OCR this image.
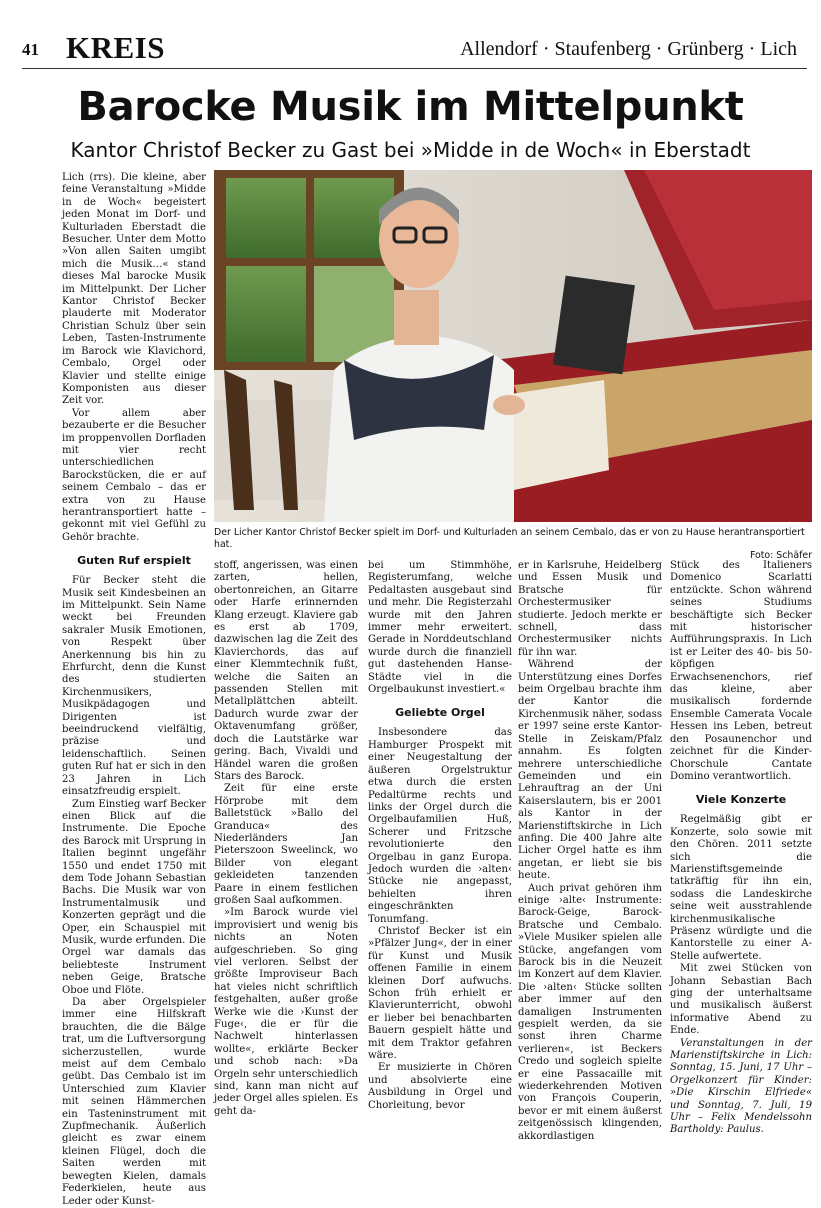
41 KREIS	Allendorf · Staufenberg · Grünberg · Lich
Barocke Musik im Mittelpunkt
Kantor Christof Becker zu Gast bei »Midde in de Woch« in Eberstadt

Lich (rrs). Die kleine, aber feine Veranstaltung »Midde in de Woch« begeistert jeden Monat im Dorf- und Kulturladen Eberstadt die Besucher. Unter dem Motto »Von allen Saiten umgibt mich die Musik…« stand dieses Mal barocke Musik im Mittelpunkt. Der Licher Kantor Christof Becker plauderte mit Moderator Christian Schulz über sein Leben, Tasten-Instrumente im Barock wie Klavichord, Cembalo, Orgel oder Klavier und stellte einige Komponisten aus dieser Zeit vor.

Vor allem aber bezauberte er die Besucher im proppenvollen Dorfladen mit vier recht unterschiedlichen Barockstücken, die er auf seinem Cembalo – das er extra von zu Hause herantransportiert hatte – gekonnt mit viel Gefühl zu Gehör brachte.

Guten Ruf erspielt

Für Becker steht die Musik seit Kindesbeinen an im Mittelpunkt. Sein Name weckt bei Freunden sakraler Musik Emotionen, von Respekt über Anerkennung bis hin zu Ehrfurcht, denn die Kunst des studierten Kirchenmusikers, Musikpädagogen und Dirigenten ist beeindruckend vielfältig, präzise und leidenschaftlich. Seinen guten Ruf hat er sich in den 23 Jahren in Lich einsatzfreudig erspielt.

Zum Einstieg warf Becker einen Blick auf die Instrumente. Die Epoche des Barock mit Ursprung in Italien beginnt ungefähr 1550 und endet 1750 mit dem Tode Johann Sebastian Bachs. Die Musik war von Instrumentalmusik und Konzerten geprägt und die Oper, ein Schauspiel mit Musik, wurde erfunden. Die Orgel war damals das beliebteste Instrument neben Geige, Bratsche Oboe und Flöte.

Da aber Orgelspieler immer eine Hilfskraft brauchten, die die Bälge trat, um die Luftversorgung sicherzustellen, wurde meist auf dem Cembalo geübt. Das Cembalo ist im Unterschied zum Klavier mit seinen Hämmerchen ein Tasteninstrument mit Zupfmechanik. Äußerlich gleicht es zwar einem kleinen Flügel, doch die Saiten werden mit bewegten Kielen, damals Federkielen, heute aus Leder oder Kunst-

Der Licher Kantor Christof Becker spielt im Dorf- und Kulturladen an seinem Cembalo, das er von zu Hause herantransportiert hat.
Foto: Schäfer

stoff, angerissen, was einen zarten, hellen, obertonreichen, an Gitarre oder Harfe erinnernden Klang erzeugt. Klaviere gab es erst ab 1709, dazwischen lag die Zeit des Klavierchords, das auf einer Klemmtechnik fußt, welche die Saiten an passenden Stellen mit Metallplättchen abteilt. Dadurch wurde zwar der Oktavenumfang größer, doch die Lautstärke war gering. Bach, Vivaldi und Händel waren die großen Stars des Barock.

Zeit für eine erste Hörprobe mit dem Balletstück »Ballo del Granduca« des Niederländers Jan Pieterszoon Sweelinck, wo Bilder von elegant gekleideten tanzenden Paare in einem festlichen großen Saal aufkommen.

»Im Barock wurde viel improvisiert und wenig bis nichts an Noten aufgeschrieben. So ging viel verloren. Selbst der größte Improviseur Bach hat vieles nicht schriftlich festgehalten, außer große Werke wie die ›Kunst der Fuge‹, die er für die Nachwelt hinterlassen wollte«, erklärte Becker und schob nach: »Da Orgeln sehr unterschiedlich sind, kann man nicht auf jeder Orgel alles spielen. Es geht da-

bei um Stimmhöhe, Registerumfang, welche Pedaltasten ausgebaut sind und mehr. Die Registerzahl wurde mit den Jahren immer mehr erweitert. Gerade in Norddeutschland wurde durch die finanziell gut dastehenden Hanse-Städte viel in die Orgelbaukunst investiert.«

Geliebte Orgel

Insbesondere das Hamburger Prospekt mit einer Neugestaltung der äußeren Orgelstruktur etwa durch die ersten Pedaltürme rechts und links der Orgel durch die Orgelbaufamilien Huß, Scherer und Fritzsche revolutionierte den Orgelbau in ganz Europa. Jedoch wurden die ›alten‹ Stücke nie angepasst, behielten ihren eingeschränkten Tonumfang.

Christof Becker ist ein »Pfälzer Jung«, der in einer für Kunst und Musik offenen Familie in einem kleinen Dorf aufwuchs. Schon früh erhielt er Klavierunterricht, obwohl er lieber bei benachbarten Bauern gespielt hätte und mit dem Traktor gefahren wäre.

Er musizierte in Chören und absolvierte eine Ausbildung in Orgel und Chorleitung, bevor

er in Karlsruhe, Heidelberg und Essen Musik und Bratsche für Orchestermusiker studierte. Jedoch merkte er schnell, dass Orchestermusiker nichts für ihn war.

Während der Unterstützung eines Dorfes beim Orgelbau brachte ihm der Kantor die Kirchenmusik näher, sodass er 1997 seine erste Kantor-Stelle in Zeiskam/Pfalz annahm. Es folgten mehrere unterschiedliche Gemeinden und ein Lehrauftrag an der Uni Kaiserslautern, bis er 2001 als Kantor in der Marienstiftskirche in Lich anfing. Die 400 Jahre alte Licher Orgel hatte es ihm angetan, er liebt sie bis heute.

Auch privat gehören ihm einige ›alte‹ Instrumente: Barock-Geige, Barock-Bratsche und Cembalo. »Viele Musiker spielen alle Stücke, angefangen vom Barock bis in die Neuzeit im Konzert auf dem Klavier. Die ›alten‹ Stücke sollten aber immer auf den damaligen Instrumenten gespielt werden, da sie sonst ihren Charme verlieren«, ist Beckers Credo und sogleich spielte er eine Passacaille mit wiederkehrenden Motiven von François Couperin, bevor er mit einem äußerst zeitgenössisch klingenden, akkordlastigen

Stück des Italieners Domenico Scarlatti entzückte. Schon während seines Studiums beschäftigte sich Becker mit historischer Aufführungspraxis. In Lich ist er Leiter des 40- bis 50-köpfigen Erwachsenenchors, rief das kleine, aber musikalisch fordernde Ensemble Camerata Vocale Hessen ins Leben, betreut den Posaunenchor und zeichnet für die Kinder-Chorschule Cantate Domino verantwortlich.

Viele Konzerte

Regelmäßig gibt er Konzerte, solo sowie mit den Chören. 2011 setzte sich die Marienstiftsgemeinde tatkräftig für ihn ein, sodass die Landeskirche seine weit ausstrahlende kirchenmusikalische Präsenz würdigte und die Kantorstelle zu einer A-Stelle aufwertete.

Mit zwei Stücken von Johann Sebastian Bach ging der unterhaltsame und musikalisch äußerst informative Abend zu Ende.

Veranstaltungen in der Marienstiftskirche in Lich: Sonntag, 15. Juni, 17 Uhr – Orgelkonzert für Kinder: »Die Kirschin Elfriede« und Sonntag, 7. Juli, 19 Uhr – Felix Mendelssohn Bartholdy: Paulus.
